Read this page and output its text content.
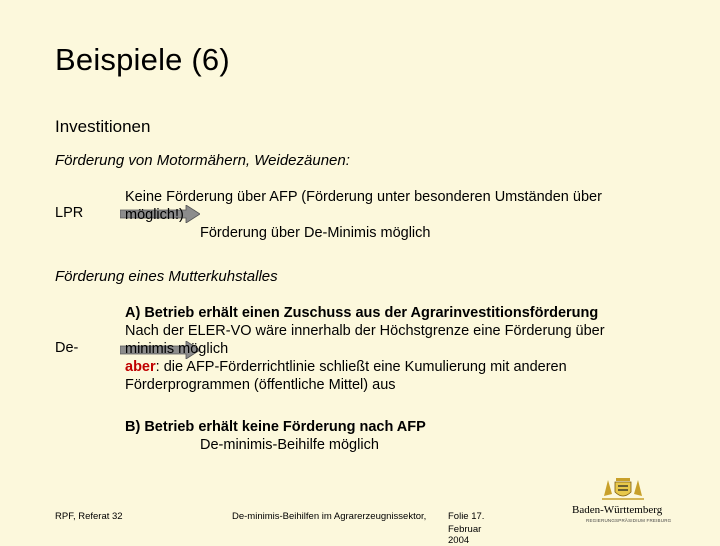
Beispiele (6)
Investitionen
Förderung von Motormähern, Weidezäunen:
LPR
Keine Förderung über AFP (Förderung unter besonderen Umständen über
möglich!)
Förderung über De-Minimis möglich
Förderung eines Mutterkuhstalles
De-
A) Betrieb erhält einen Zuschuss aus der Agrarinvestitionsförderung
Nach der ELER-VO wäre innerhalb der Höchstgrenze eine Förderung über
minimis möglich
aber: die AFP-Förderrichtlinie schließt eine Kumulierung mit anderen
Förderprogrammen (öffentliche Mittel) aus
B) Betrieb erhält keine Förderung nach AFP
De-minimis-Beihilfe möglich
RPF, Referat 32	De-minimis-Beihilfen im Agrarerzeugnissektor, Folie 17.
Februar
2004
Baden-Württemberg
REGIERUNGSPRÄSIDIUM FREIBURG
